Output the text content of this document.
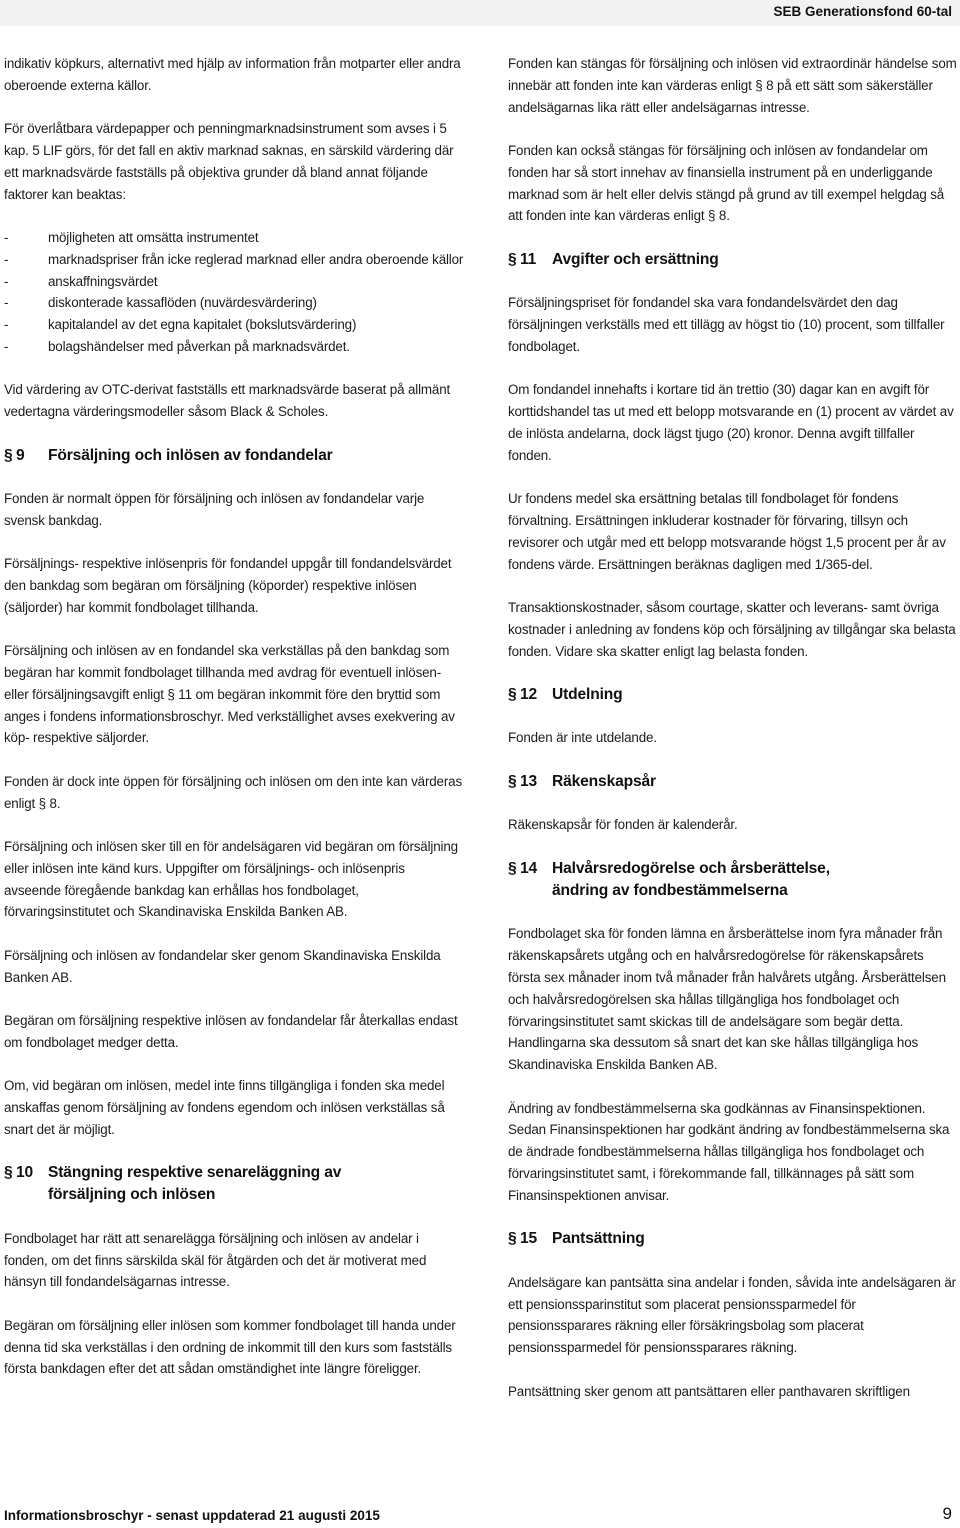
SEB Generationsfond 60-tal

indikativ köpkurs, alternativt med hjälp av information från motparter eller andra oberoende externa källor.

För överlåtbara värdepapper och penningmarknadsinstrument som avses i 5 kap. 5 LIF görs, för det fall en aktiv marknad saknas, en särskild värdering där ett marknadsvärde fastställs på objektiva grunder då bland annat följande faktorer kan beaktas:

- möjligheten att omsätta instrumentet
- marknadspriser från icke reglerad marknad eller andra oberoende källor
- anskaffningsvärdet
- diskonterade kassaflöden (nuvärdesvärdering)
- kapitalandel av det egna kapitalet (bokslutsvärdering)
- bolagshändelser med påverkan på marknadsvärdet.

Vid värdering av OTC-derivat fastställs ett marknadsvärde baserat på allmänt vedertagna värderingsmodeller såsom Black & Scholes.

§ 9 Försäljning och inlösen av fondandelar

Fonden är normalt öppen för försäljning och inlösen av fondandelar varje svensk bankdag.

Försäljnings- respektive inlösenpris för fondandel uppgår till fondandelsvärdet den bankdag som begäran om försäljning (köporder) respektive inlösen (säljorder) har kommit fondbolaget tillhanda.

Försäljning och inlösen av en fondandel ska verkställas på den bankdag som begäran har kommit fondbolaget tillhanda med avdrag för eventuell inlösen- eller försäljningsavgift enligt § 11 om begäran inkommit före den bryttid som anges i fondens informationsbroschyr. Med verkställighet avses exekvering av köp- respektive säljorder.

Fonden är dock inte öppen för försäljning och inlösen om den inte kan värderas enligt § 8.

Försäljning och inlösen sker till en för andelsägaren vid begäran om försäljning eller inlösen inte känd kurs. Uppgifter om försäljnings- och inlösenpris avseende föregående bankdag kan erhållas hos fondbolaget, förvaringsinstitutet och Skandinaviska Enskilda Banken AB.

Försäljning och inlösen av fondandelar sker genom Skandinaviska Enskilda Banken AB.

Begäran om försäljning respektive inlösen av fondandelar får återkallas endast om fondbolaget medger detta.

Om, vid begäran om inlösen, medel inte finns tillgängliga i fonden ska medel anskaffas genom försäljning av fondens egendom och inlösen verkställas så snart det är möjligt.

§ 10 Stängning respektive senareläggning av
försäljning och inlösen

Fondbolaget har rätt att senarelägga försäljning och inlösen av andelar i fonden, om det finns särskilda skäl för åtgärden och det är motiverat med hänsyn till fondandelsägarnas intresse.

Begäran om försäljning eller inlösen som kommer fondbolaget till handa under denna tid ska verkställas i den ordning de inkommit till den kurs som fastställs första bankdagen efter det att sådan omständighet inte längre föreligger.

Fonden kan stängas för försäljning och inlösen vid extraordinär händelse som innebär att fonden inte kan värderas enligt § 8 på ett sätt som säkerställer andelsägarnas lika rätt eller andelsägarnas intresse.

Fonden kan också stängas för försäljning och inlösen av fondandelar om fonden har så stort innehav av finansiella instrument på en underliggande marknad som är helt eller delvis stängd på grund av till exempel helgdag så att fonden inte kan värderas enligt § 8.

§ 11 Avgifter och ersättning

Försäljningspriset för fondandel ska vara fondandelsvärdet den dag försäljningen verkställs med ett tillägg av högst tio (10) procent, som tillfaller fondbolaget.

Om fondandel innehafts i kortare tid än trettio (30) dagar kan en avgift för korttidshandel tas ut med ett belopp motsvarande en (1) procent av värdet av de inlösta andelarna, dock lägst tjugo (20) kronor. Denna avgift tillfaller fonden.

Ur fondens medel ska ersättning betalas till fondbolaget för fondens förvaltning. Ersättningen inkluderar kostnader för förvaring, tillsyn och revisorer och utgår med ett belopp motsvarande högst 1,5 procent per år av fondens värde. Ersättningen beräknas dagligen med 1/365-del.

Transaktionskostnader, såsom courtage, skatter och leverans- samt övriga kostnader i anledning av fondens köp och försäljning av tillgångar ska belasta fonden. Vidare ska skatter enligt lag belasta fonden.

§ 12 Utdelning

Fonden är inte utdelande.

§ 13 Räkenskapsår

Räkenskapsår för fonden är kalenderår.

§ 14 Halvårsredogörelse och årsberättelse,
ändring av fondbestämmelserna

Fondbolaget ska för fonden lämna en årsberättelse inom fyra månader från räkenskapsårets utgång och en halvårsredogörelse för räkenskapsårets första sex månader inom två månader från halvårets utgång. Årsberättelsen och halvårsredogörelsen ska hållas tillgängliga hos fondbolaget och förvaringsinstitutet samt skickas till de andelsägare som begär detta. Handlingarna ska dessutom så snart det kan ske hållas tillgängliga hos Skandinaviska Enskilda Banken AB.

Ändring av fondbestämmelserna ska godkännas av Finansinspektionen. Sedan Finansinspektionen har godkänt ändring av fondbestämmelserna ska de ändrade fondbestämmelserna hållas tillgängliga hos fondbolaget och förvaringsinstitutet samt, i förekommande fall, tillkännages på sätt som Finansinspektionen anvisar.

§ 15 Pantsättning

Andelsägare kan pantsätta sina andelar i fonden, såvida inte andelsägaren är ett pensionssparinstitut som placerat pensionssparmedel för pensionssparares räkning eller försäkringsbolag som placerat pensionssparmedel för pensionssparares räkning.

Pantsättning sker genom att pantsättaren eller panthavaren skriftligen

Informationsbroschyr - senast uppdaterad 21 augusti 2015	9
